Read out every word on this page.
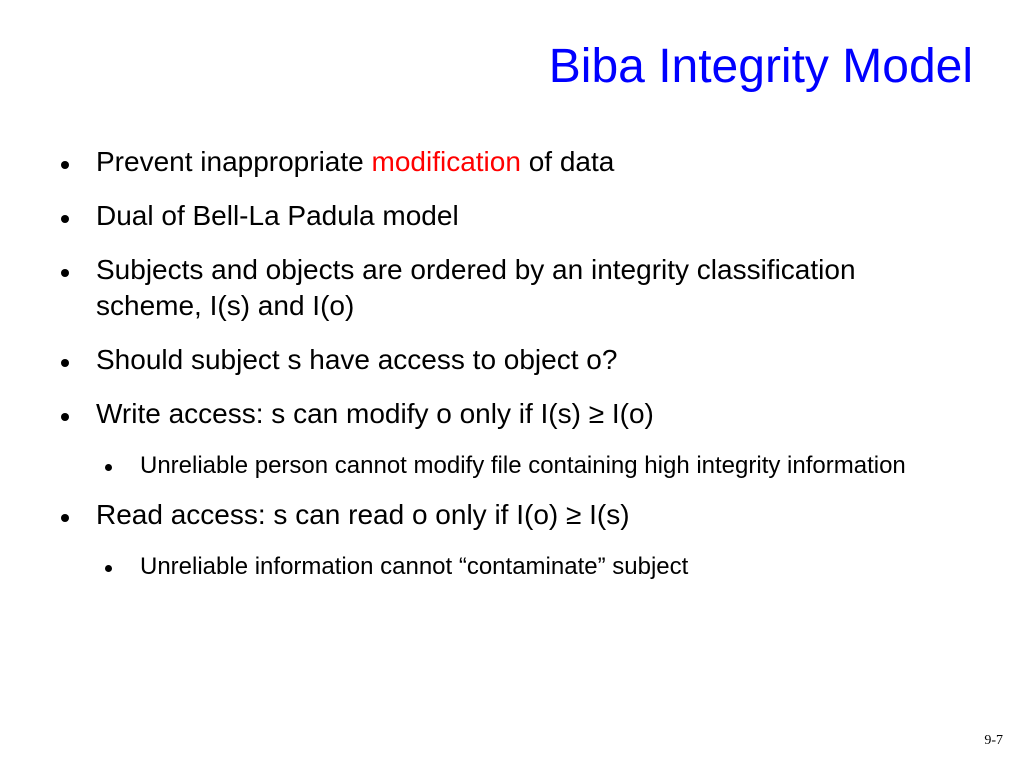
Biba Integrity Model
Prevent inappropriate modification of data
Dual of Bell-La Padula model
Subjects and objects are ordered by an integrity classification scheme, I(s) and I(o)
Should subject s have access to object o?
Write access: s can modify o only if I(s) ≥ I(o)
Unreliable person cannot modify file containing high integrity information
Read access: s can read o only if I(o) ≥ I(s)
Unreliable information cannot “contaminate” subject
9-7
